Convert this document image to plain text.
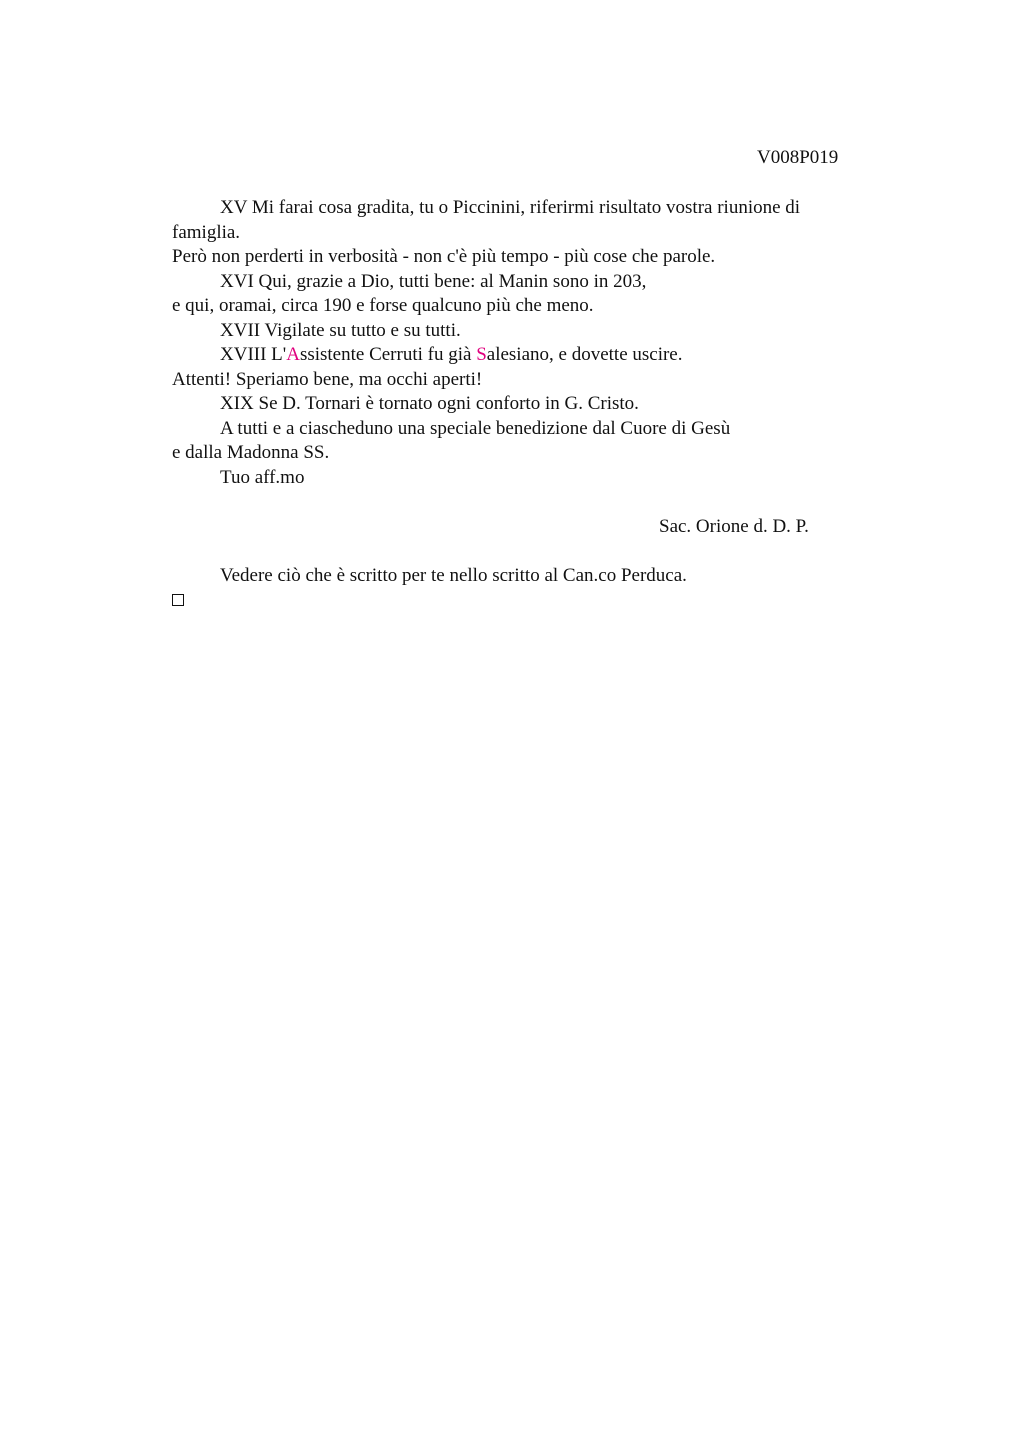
V008P019
XV Mi farai cosa gradita, tu o Piccinini, riferirmi risultato vostra riunione di
famiglia.
Però non perderti in verbosità - non c'è più tempo - più cose che parole.
XVI Qui, grazie a Dio, tutti bene: al Manin sono in 203,
e qui, oramai, circa 190 e forse qualcuno più che meno.
XVII Vigilate su tutto e su tutti.
XVIII L'Assistente Cerruti fu già Salesiano, e dovette uscire.
Attenti! Speriamo bene, ma occhi aperti!
XIX Se D. Tornari è tornato ogni conforto in G. Cristo.
A tutti e a ciascheduno una speciale benedizione dal Cuore di Gesù
e dalla Madonna SS.
Tuo aff.mo
Sac. Orione d. D. P.
Vedere ciò che è scritto per te nello scritto al Can.co Perduca.
